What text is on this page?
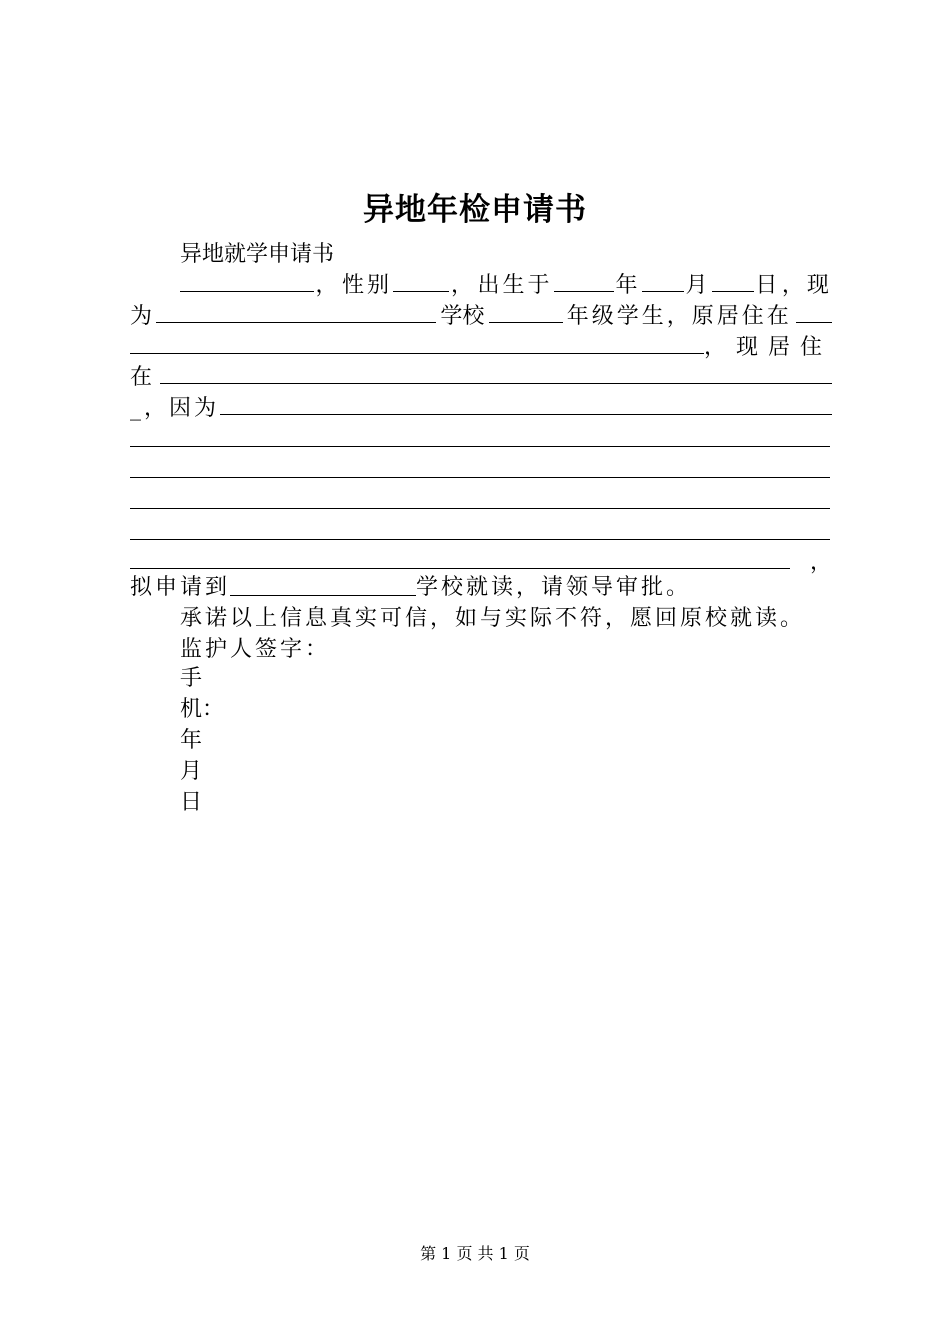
异地年检申请书
异地就学申请书
， 性别	， 出生于	年 月 日 ，现
为	学校	年级学生，原居住在
，现居住
在
_，因为
，
拟申请到	学校就读，请领导审批。
承诺以上信息真实可信，如与实际不符，愿回原校就读。
监护人签字：
手
机：
年
月
日
第 1 页 共 1 页
